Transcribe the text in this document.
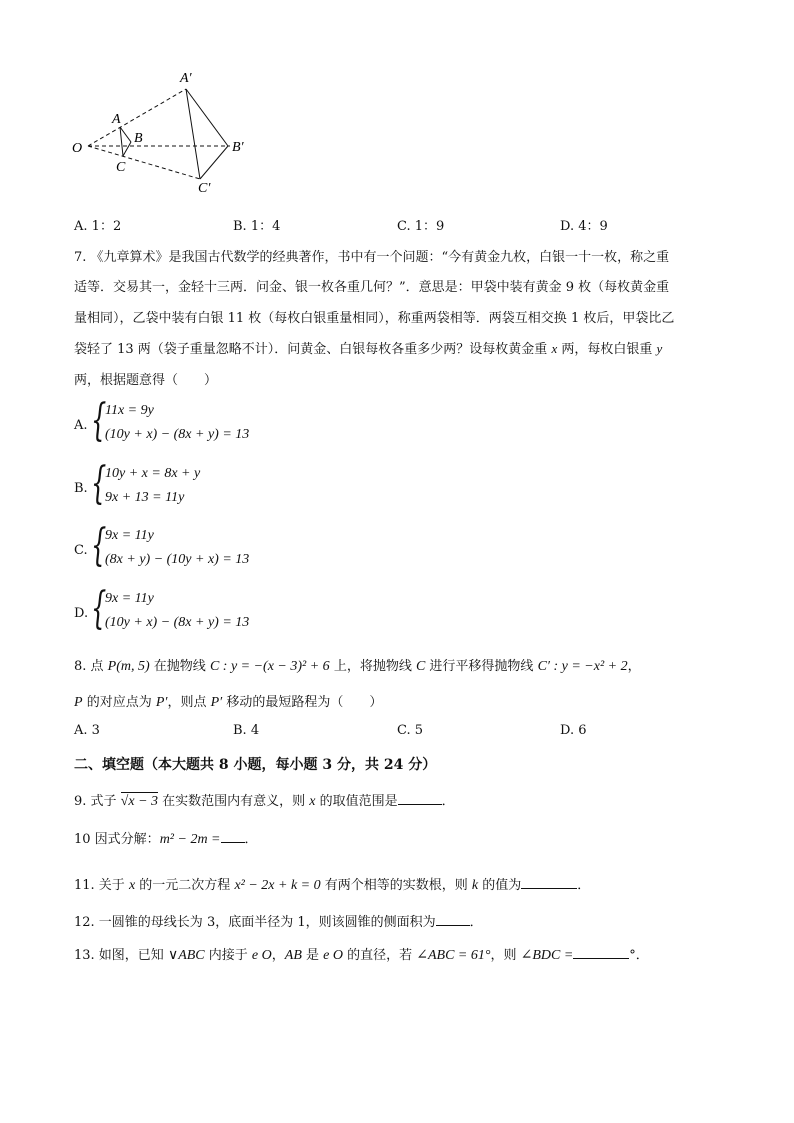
O
A
B
C
A′
B′
C′
A. 1：2	B. 1：4	C. 1：9	D. 4：9
7. 《九章算术》是我国古代数学的经典著作，书中有一个问题：“今有黄金九枚，白银一十一枚，称之重
适等．交易其一，金轻十三两．问金、银一枚各重几何？”．意思是：甲袋中装有黄金 9 枚（每枚黄金重
量相同），乙袋中装有白银 11 枚（每枚白银重量相同），称重两袋相等．两袋互相交换 1 枚后，甲袋比乙
袋轻了 13 两（袋子重量忽略不计）．问黄金、白银每枚各重多少两？设每枚黄金重 x 两，每枚白银重 y
两，根据题意得（　　）
A. {
11x = 9y
(10y + x) − (8x + y) = 13
B. {
10y + x = 8x + y
9x + 13 = 11y
C. {
9x = 11y
(8x + y) − (10y + x) = 13
D. {
9x = 11y
(10y + x) − (8x + y) = 13
8. 点 P(m, 5) 在抛物线 C : y = −(x − 3)² + 6 上，将抛物线 C 进行平移得抛物线 C′ : y = −x² + 2，
P 的对应点为 P′，则点 P′ 移动的最短路程为（　　）
A. 3	B. 4	C. 5	D. 6
二、填空题（本大题共 8 小题，每小题 3 分，共 24 分）
9. 式子 √x − 3 在实数范围内有意义，则 x 的取值范围是	．
10 因式分解：m² − 2m = ．
11. 关于 x 的一元二次方程 x² − 2x + k = 0 有两个相等的实数根，则 k 的值为	．
12. 一圆锥的母线长为 3，底面半径为 1，则该圆锥的侧面积为	．
13. 如图，已知 ∨ABC 内接于 e O，AB 是 e O 的直径，若 ∠ABC = 61°，则 ∠BDC =	°．
